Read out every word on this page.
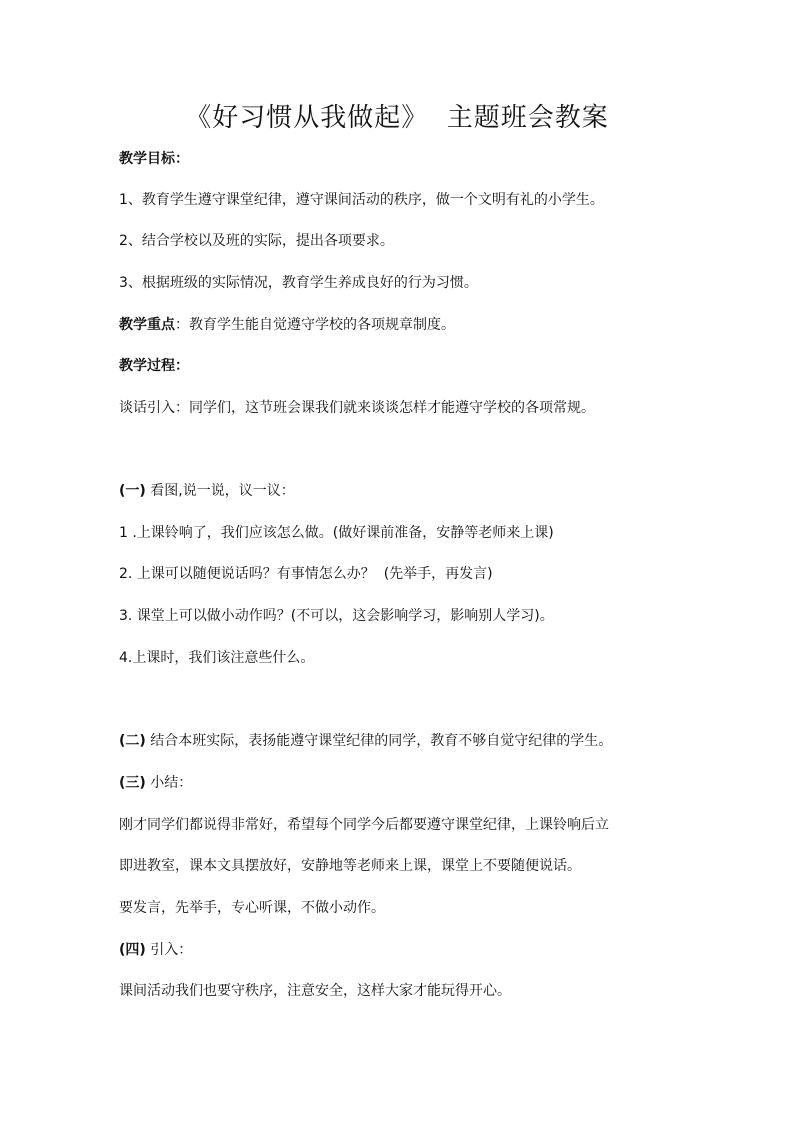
《好习惯从我做起》  主题班会教案
教学目标：
1、教育学生遵守课堂纪律，遵守课间活动的秩序，做一个文明有礼的小学生。
2、结合学校以及班的实际，提出各项要求。
3、根据班级的实际情况，教育学生养成良好的行为习惯。
教学重点：教育学生能自觉遵守学校的各项规章制度。
教学过程：
谈话引入：同学们，这节班会课我们就来谈谈怎样才能遵守学校的各项常规。
(一) 看图,说一说，议一议：
1 .上课铃响了，我们应该怎么做。(做好课前准备，安静等老师来上课)
2. 上课可以随便说话吗？有事情怎么办？  (先举手，再发言)
3. 课堂上可以做小动作吗？(不可以，这会影响学习，影响别人学习)。
4.上课时，我们该注意些什么。
(二) 结合本班实际，表扬能遵守课堂纪律的同学，教育不够自觉守纪律的学生。
(三) 小结：
刚才同学们都说得非常好，希望每个同学今后都要遵守课堂纪律，上课铃响后立
即进教室，课本文具摆放好，安静地等老师来上课，课堂上不要随便说话。
要发言，先举手，专心听课，不做小动作。
(四) 引入：
课间活动我们也要守秩序，注意安全，这样大家才能玩得开心。
